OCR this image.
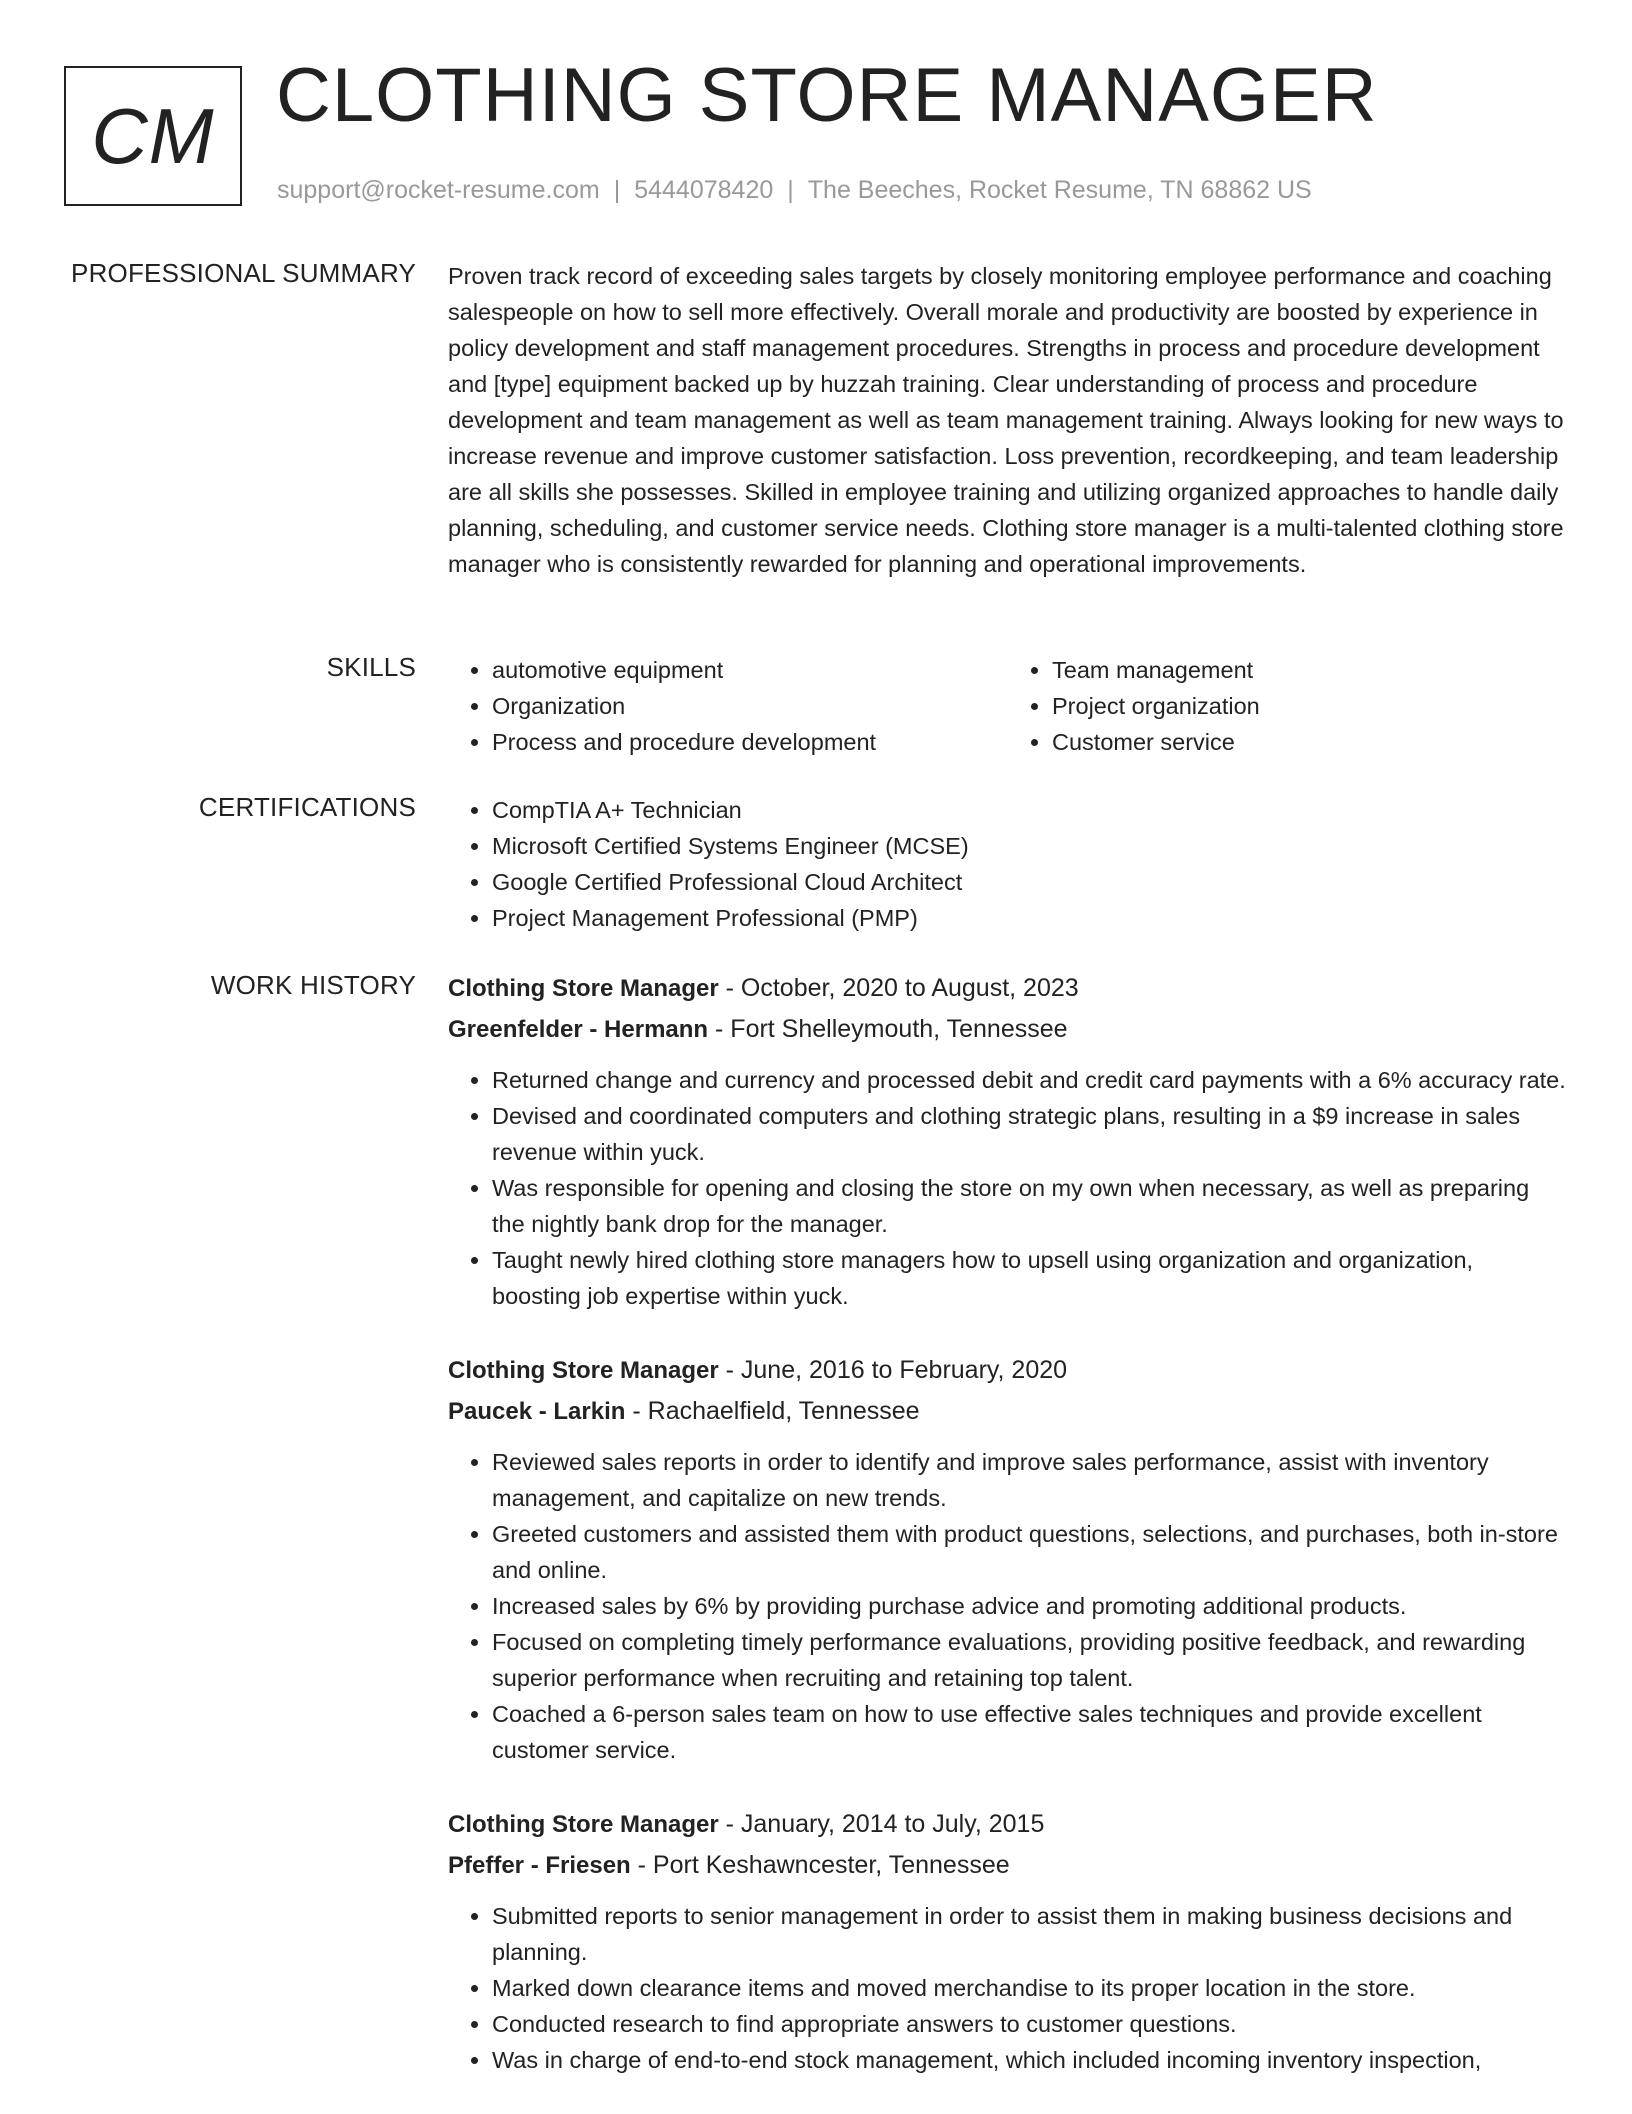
CM CLOTHING STORE MANAGER
support@rocket-resume.com | 5444078420 | The Beeches, Rocket Resume, TN 68862 US
PROFESSIONAL SUMMARY Proven track record of exceeding sales targets by closely monitoring employee performance and coaching salespeople on how to sell more effectively. Overall morale and productivity are boosted by experience in policy development and staff management procedures. Strengths in process and procedure development and [type] equipment backed up by huzzah training. Clear understanding of process and procedure development and team management as well as team management training. Always looking for new ways to increase revenue and improve customer satisfaction. Loss prevention, recordkeeping, and team leadership are all skills she possesses. Skilled in employee training and utilizing organized approaches to handle daily planning, scheduling, and customer service needs. Clothing store manager is a multi-talented clothing store manager who is consistently rewarded for planning and operational improvements.

SKILLS	• automotive equipment
• Organization
• Process and procedure development
• Team management
• Project organization
• Customer service
CERTIFICATIONS	• CompTIA A+ Technician
• Microsoft Certified Systems Engineer (MCSE)
• Google Certified Professional Cloud Architect
• Project Management Professional (PMP)
WORK HISTORY Clothing Store Manager - October, 2020 to August, 2023
Greenfelder - Hermann - Fort Shelleymouth, Tennessee
• Returned change and currency and processed debit and credit card payments with a 6% accuracy rate.
• Devised and coordinated computers and clothing strategic plans, resulting in a $9 increase in sales revenue within yuck.
• Was responsible for opening and closing the store on my own when necessary, as well as preparing the nightly bank drop for the manager.
• Taught newly hired clothing store managers how to upsell using organization and organization, boosting job expertise within yuck.
Clothing Store Manager - June, 2016 to February, 2020
Paucek - Larkin - Rachaelfield, Tennessee
• Reviewed sales reports in order to identify and improve sales performance, assist with inventory management, and capitalize on new trends.
• Greeted customers and assisted them with product questions, selections, and purchases, both in-store and online.
• Increased sales by 6% by providing purchase advice and promoting additional products.
• Focused on completing timely performance evaluations, providing positive feedback, and rewarding superior performance when recruiting and retaining top talent.
• Coached a 6-person sales team on how to use effective sales techniques and provide excellent customer service.
Clothing Store Manager - January, 2014 to July, 2015
Pfeffer - Friesen - Port Keshawncester, Tennessee
• Submitted reports to senior management in order to assist them in making business decisions and planning.
• Marked down clearance items and moved merchandise to its proper location in the store.
• Conducted research to find appropriate answers to customer questions.
• Was in charge of end-to-end stock management, which included incoming inventory inspection,
